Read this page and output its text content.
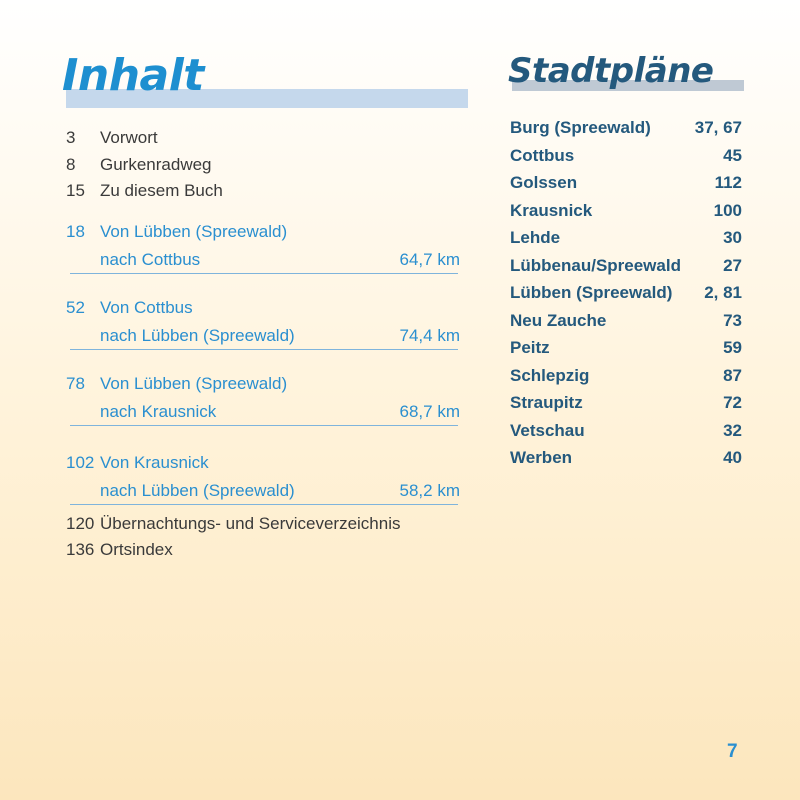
Inhalt	Stadtpläne
3 Vorwort
8 Gurkenradweg
15 Zu diesem Buch
18 Von Lübben (Spreewald)
nach Cottbus	64,7 km
52 Von Cottbus
nach Lübben (Spreewald)	74,4 km
78 Von Lübben (Spreewald)
nach Krausnick	68,7 km
102 Von Krausnick
nach Lübben (Spreewald)	58,2 km
120 Übernachtungs- und Serviceverzeichnis
136 Ortsindex
Burg (Spreewald)	37, 67
Cottbus	45
Golssen	112
Krausnick	100
Lehde	30
Lübbenau/Spreewald 27
Lübben (Spreewald) 2, 81
Neu Zauche	73
Peitz	59
Schlepzig	87
Straupitz	72
Vetschau	32
Werben	40
7
